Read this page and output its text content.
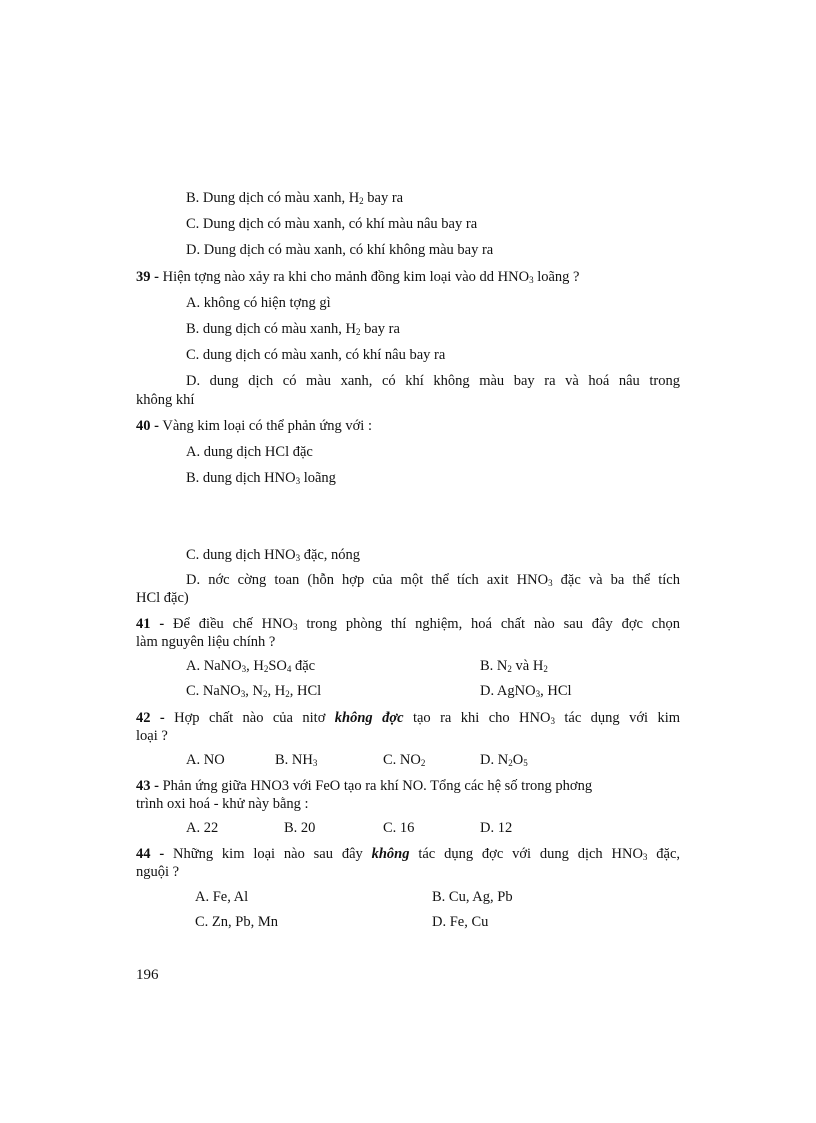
B. Dung dịch có màu xanh, $H_2$ bay ra
C. Dung dịch có màu xanh, có khí màu nâu bay ra
D. Dung dịch có màu xanh, có khí không màu bay ra
39 - Hiện tợng nào xảy ra khi cho mảnh đồng kim loại vào dd $HNO_3$ loãng ?
A. không có hiện tợng gì
B. dung dịch có màu xanh, $H_2$ bay ra
C. dung dịch có màu xanh, có khí nâu bay ra
D. dung dịch có màu xanh, có khí không màu bay ra và hoá nâu trong
không khí
40 - Vàng kim loại có thể phản ứng với :
A. dung dịch HCl đặc
B. dung dịch $HNO_3$ loãng
C. dung dịch $HNO_3$ đặc, nóng
D. nớc cờng toan (hỗn hợp của một thể tích axit $HNO_3$ đặc và ba thể tích
HCl đặc)
41 - Để điều chế $HNO_3$ trong phòng thí nghiệm, hoá chất nào sau đây đợc chọn
làm nguyên liệu chính ?
A. NaNO$_3$, $H_2SO_4$ đặc	B. $N_2$ và $H_2$
C. NaNO$_3$, $N_2$, $H_2$, HCl	D. AgNO$_3$, HCl
42 - Hợp chất nào của nitơ không đợc tạo ra khi cho $HNO_3$ tác dụng với kim
loại ?
A. NO	B. $NH_3$	C. $NO_2$	D. $N_2O_5$
43 - Phản ứng giữa HNO3 với FeO tạo ra khí NO. Tổng các hệ số trong phơng
trình oxi hoá - khử này bằng :
A. 22	B. 20	C. 16	D. 12
44 - Những kim loại nào sau đây không tác dụng đợc với dung dịch $HNO_3$ đặc,
nguội ?
A. Fe, Al	B. Cu, Ag, Pb
C. Zn, Pb, Mn	D. Fe, Cu
196
